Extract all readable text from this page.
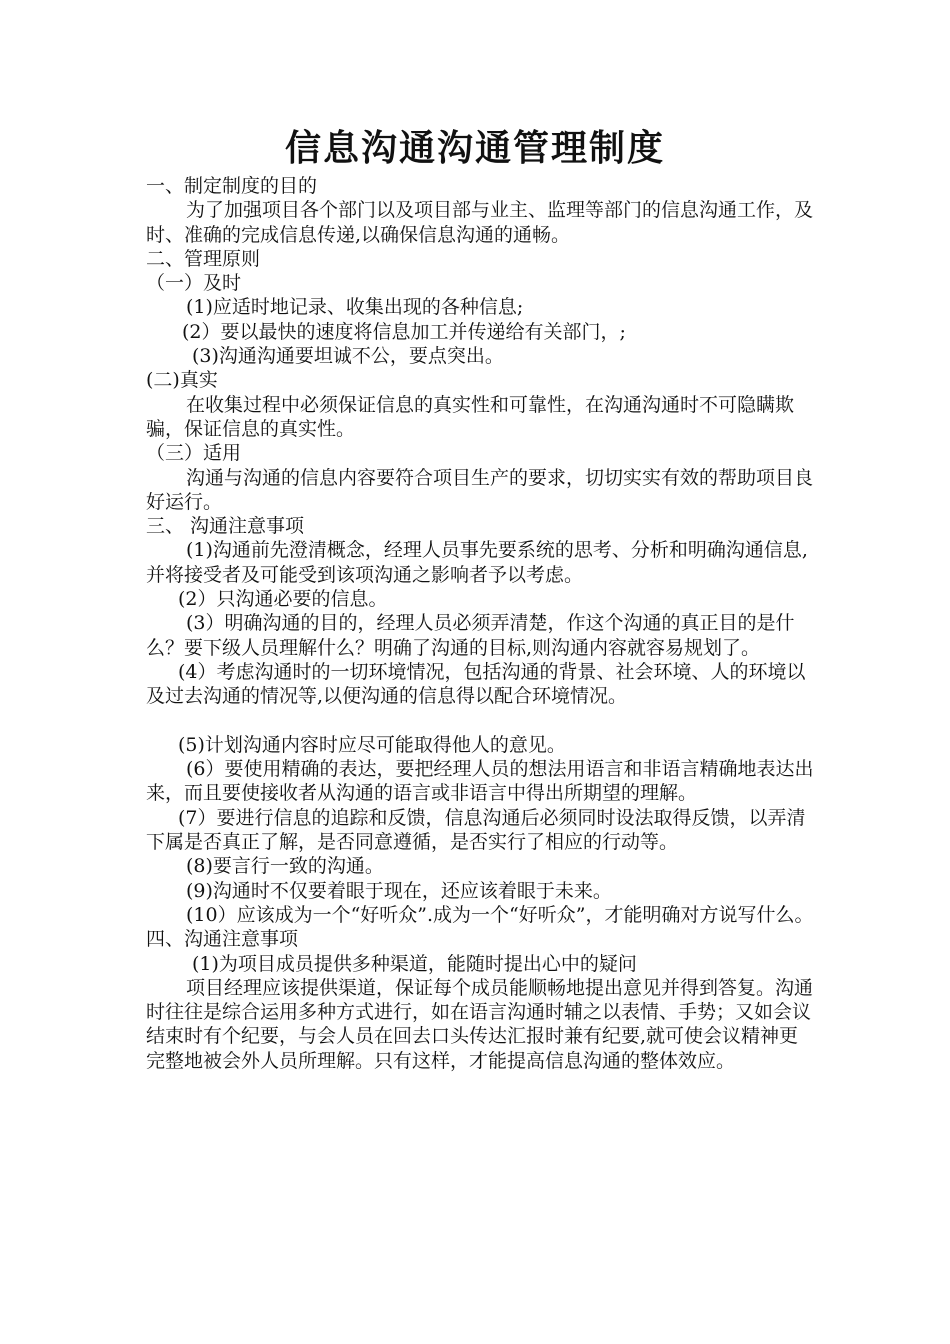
信息沟通沟通管理制度

一、制定制度的目的

为了加强项目各个部门以及项目部与业主、监理等部门的信息沟通工作，及时、准确的完成信息传递,以确保信息沟通的通畅。

二、管理原则

（一）及时

(1)应适时地记录、收集出现的各种信息;

(2）要以最快的速度将信息加工并传递给有关部门，;

(3)沟通沟通要坦诚不公，要点突出。

(二)真实

在收集过程中必须保证信息的真实性和可靠性，在沟通沟通时不可隐瞒欺骗，保证信息的真实性。

（三）适用

沟通与沟通的信息内容要符合项目生产的要求，切切实实有效的帮助项目良好运行。

三、 沟通注意事项

(1)沟通前先澄清概念，经理人员事先要系统的思考、分析和明确沟通信息,并将接受者及可能受到该项沟通之影响者予以考虑。

(2）只沟通必要的信息。

(3）明确沟通的目的，经理人员必须弄清楚，作这个沟通的真正目的是什么？要下级人员理解什么？明确了沟通的目标,则沟通内容就容易规划了。

(4）考虑沟通时的一切环境情况，包括沟通的背景、社会环境、人的环境以及过去沟通的情况等,以便沟通的信息得以配合环境情况。

(5)计划沟通内容时应尽可能取得他人的意见。

(6）要使用精确的表达，要把经理人员的想法用语言和非语言精确地表达出来，而且要使接收者从沟通的语言或非语言中得出所期望的理解。

(7）要进行信息的追踪和反馈，信息沟通后必须同时设法取得反馈，以弄清下属是否真正了解，是否同意遵循，是否实行了相应的行动等。

(8)要言行一致的沟通。

(9)沟通时不仅要着眼于现在，还应该着眼于未来。

(10）应该成为一个“好听众”.成为一个“好听众”，才能明确对方说写什么。

四、沟通注意事项

(1)为项目成员提供多种渠道，能随时提出心中的疑问

项目经理应该提供渠道，保证每个成员能顺畅地提出意见并得到答复。沟通时往往是综合运用多种方式进行，如在语言沟通时辅之以表情、手势；又如会议结束时有个纪要，与会人员在回去口头传达汇报时兼有纪要,就可使会议精神更完整地被会外人员所理解。只有这样，才能提高信息沟通的整体效应。
